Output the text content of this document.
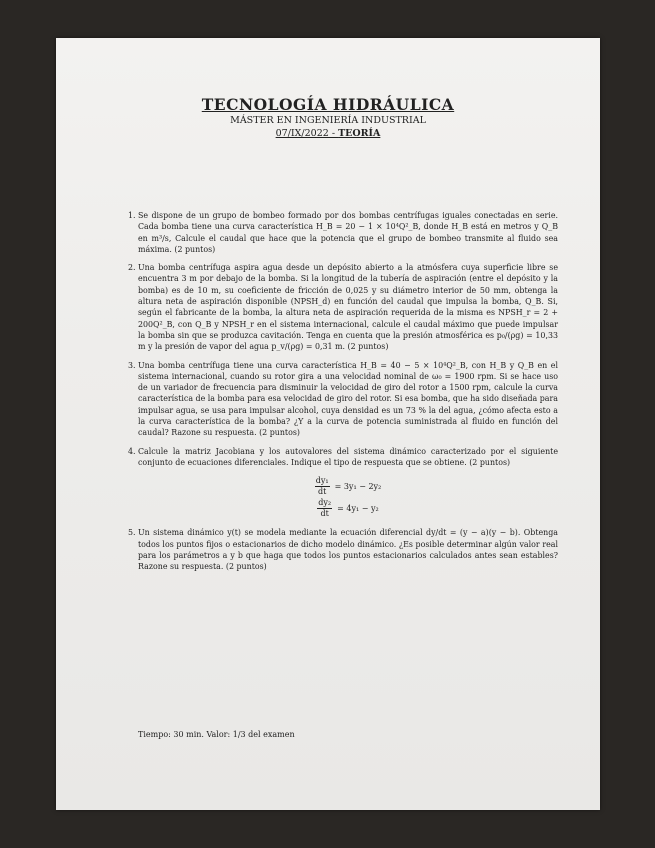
TECNOLOGÍA HIDRÁULICA

MÁSTER EN INGENIERÍA INDUSTRIAL

07/IX/2022 - TEORÍA

1. Se dispone de un grupo de bombeo formado por dos bombas centrífugas iguales conectadas en serie. Cada bomba tiene una curva característica H_B = 20 − 1 × 10⁴Q²_B, donde H_B está en metros y Q_B en m³/s, Calcule el caudal que hace que la potencia que el grupo de bombeo transmite al fluido sea máxima. (2 puntos)
2. Una bomba centrífuga aspira agua desde un depósito abierto a la atmósfera cuya superficie libre se encuentra 3 m por debajo de la bomba. Si la longitud de la tubería de aspiración (entre el depósito y la bomba) es de 10 m, su coeficiente de fricción de 0,025 y su diámetro interior de 50 mm, obtenga la altura neta de aspiración disponible (NPSH_d) en función del caudal que impulsa la bomba, Q_B. Si, según el fabricante de la bomba, la altura neta de aspiración requerida de la misma es NPSH_r = 2 + 200Q²_B, con Q_B y NPSH_r en el sistema internacional, calcule el caudal máximo que puede impulsar la bomba sin que se produzca cavitación. Tenga en cuenta que la presión atmosférica es p₀/(ρg) = 10,33 m y la presión de vapor del agua p_v/(ρg) = 0,31 m. (2 puntos)
3. Una bomba centrífuga tiene una curva característica H_B = 40 − 5 × 10⁴Q²_B, con H_B y Q_B en el sistema internacional, cuando su rotor gira a una velocidad nominal de ω₀ = 1900 rpm. Si se hace uso de un variador de frecuencia para disminuir la velocidad de giro del rotor a 1500 rpm, calcule la curva característica de la bomba para esa velocidad de giro del rotor. Si esa bomba, que ha sido diseñada para impulsar agua, se usa para impulsar alcohol, cuya densidad es un 73 % la del agua, ¿cómo afecta esto a la curva característica de la bomba? ¿Y a la curva de potencia suministrada al fluido en función del caudal? Razone su respuesta. (2 puntos)
4. Calcule la matriz Jacobiana y los autovalores del sistema dinámico caracterizado por el siguiente conjunto de ecuaciones diferenciales. Indique el tipo de respuesta que se obtiene. (2 puntos)
$\frac{\text{dy₁}}{dt} = 3y_1 - 2y_2$
$\frac{\text{dy₂}}{dt} = 4y_1 - y_2$
5. Un sistema dinámico y(t) se modela mediante la ecuación diferencial dy/dt = (y − a)(y − b). Obtenga todos los puntos fijos o estacionarios de dicho modelo dinámico. ¿Es posible determinar algún valor real para los parámetros a y b que haga que todos los puntos estacionarios calculados antes sean estables? Razone su respuesta. (2 puntos)
Tiempo: 30 min. Valor: 1/3 del examen
